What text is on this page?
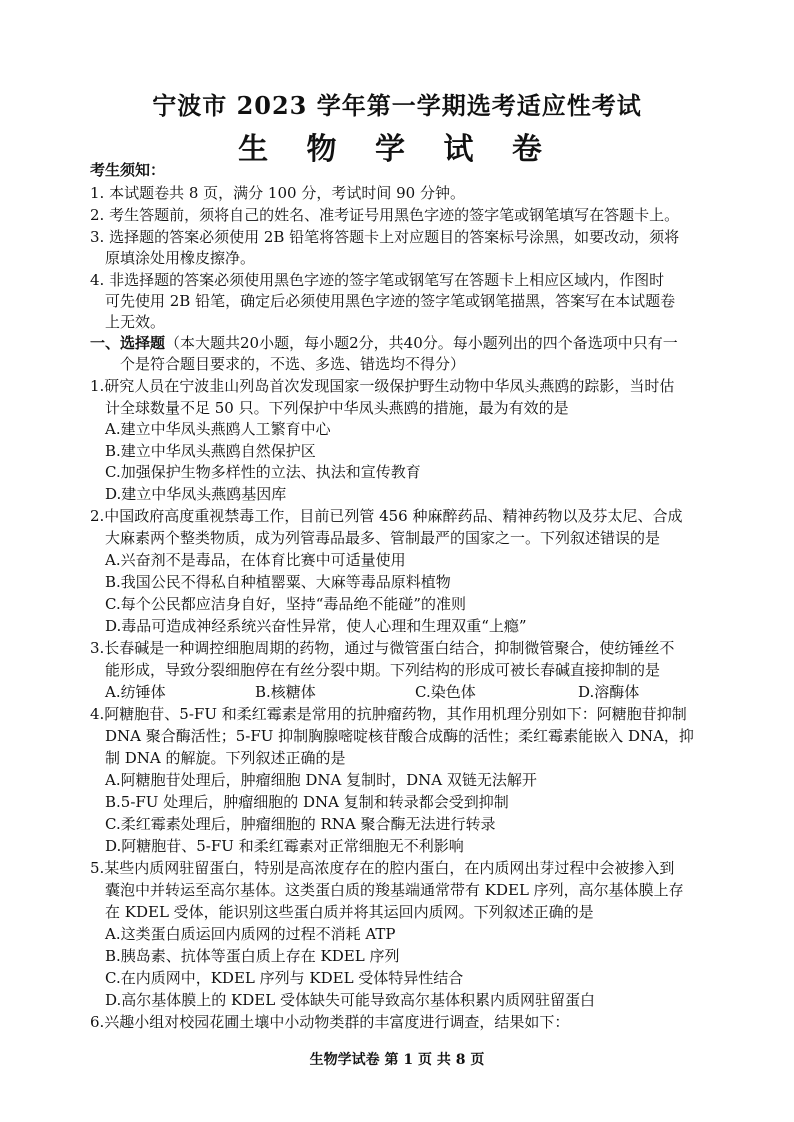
宁波市 2023 学年第一学期选考适应性考试
生 物 学 试 卷
考生须知：
1. 本试题卷共 8 页，满分 100 分，考试时间 90 分钟。
2. 考生答题前，须将自己的姓名、准考证号用黑色字迹的签字笔或钢笔填写在答题卡上。
3. 选择题的答案必须使用 2B 铅笔将答题卡上对应题目的答案标号涂黑，如要改动，须将
原填涂处用橡皮擦净。
4. 非选择题的答案必须使用黑色字迹的签字笔或钢笔写在答题卡上相应区域内，作图时
可先使用 2B 铅笔，确定后必须使用黑色字迹的签字笔或钢笔描黑，答案写在本试题卷
上无效。
一、选择题（本大题共20小题，每小题2分，共40分。每小题列出的四个备选项中只有一
个是符合题目要求的，不选、多选、错选均不得分）
1.研究人员在宁波韭山列岛首次发现国家一级保护野生动物中华凤头燕鸥的踪影，当时估
计全球数量不足 50 只。下列保护中华凤头燕鸥的措施，最为有效的是
A.建立中华凤头燕鸥人工繁育中心
B.建立中华凤头燕鸥自然保护区
C.加强保护生物多样性的立法、执法和宣传教育
D.建立中华凤头燕鸥基因库
2.中国政府高度重视禁毒工作，目前已列管 456 种麻醉药品、精神药物以及芬太尼、合成
大麻素两个整类物质，成为列管毒品最多、管制最严的国家之一。下列叙述错误的是
A.兴奋剂不是毒品，在体育比赛中可适量使用
B.我国公民不得私自种植罂粟、大麻等毒品原料植物
C.每个公民都应洁身自好，坚持“毒品绝不能碰”的准则
D.毒品可造成神经系统兴奋性异常，使人心理和生理双重“上瘾”
3.长春碱是一种调控细胞周期的药物，通过与微管蛋白结合，抑制微管聚合，使纺锤丝不
能形成，导致分裂细胞停在有丝分裂中期。下列结构的形成可被长春碱直接抑制的是
A.纺锤体	B.核糖体	C.染色体	D.溶酶体
4.阿糖胞苷、5-FU 和柔红霉素是常用的抗肿瘤药物，其作用机理分别如下：阿糖胞苷抑制
DNA 聚合酶活性；5-FU 抑制胸腺嘧啶核苷酸合成酶的活性；柔红霉素能嵌入 DNA，抑
制 DNA 的解旋。下列叙述正确的是
A.阿糖胞苷处理后，肿瘤细胞 DNA 复制时，DNA 双链无法解开
B.5-FU 处理后，肿瘤细胞的 DNA 复制和转录都会受到抑制
C.柔红霉素处理后，肿瘤细胞的 RNA 聚合酶无法进行转录
D.阿糖胞苷、5-FU 和柔红霉素对正常细胞无不利影响
5.某些内质网驻留蛋白，特别是高浓度存在的腔内蛋白，在内质网出芽过程中会被掺入到
囊泡中并转运至高尔基体。这类蛋白质的羧基端通常带有 KDEL 序列，高尔基体膜上存
在 KDEL 受体，能识别这些蛋白质并将其运回内质网。下列叙述正确的是
A.这类蛋白质运回内质网的过程不消耗 ATP
B.胰岛素、抗体等蛋白质上存在 KDEL 序列
C.在内质网中，KDEL 序列与 KDEL 受体特异性结合
D.高尔基体膜上的 KDEL 受体缺失可能导致高尔基体积累内质网驻留蛋白
6.兴趣小组对校园花圃土壤中小动物类群的丰富度进行调查，结果如下：
生物学试卷 第 1 页 共 8 页
